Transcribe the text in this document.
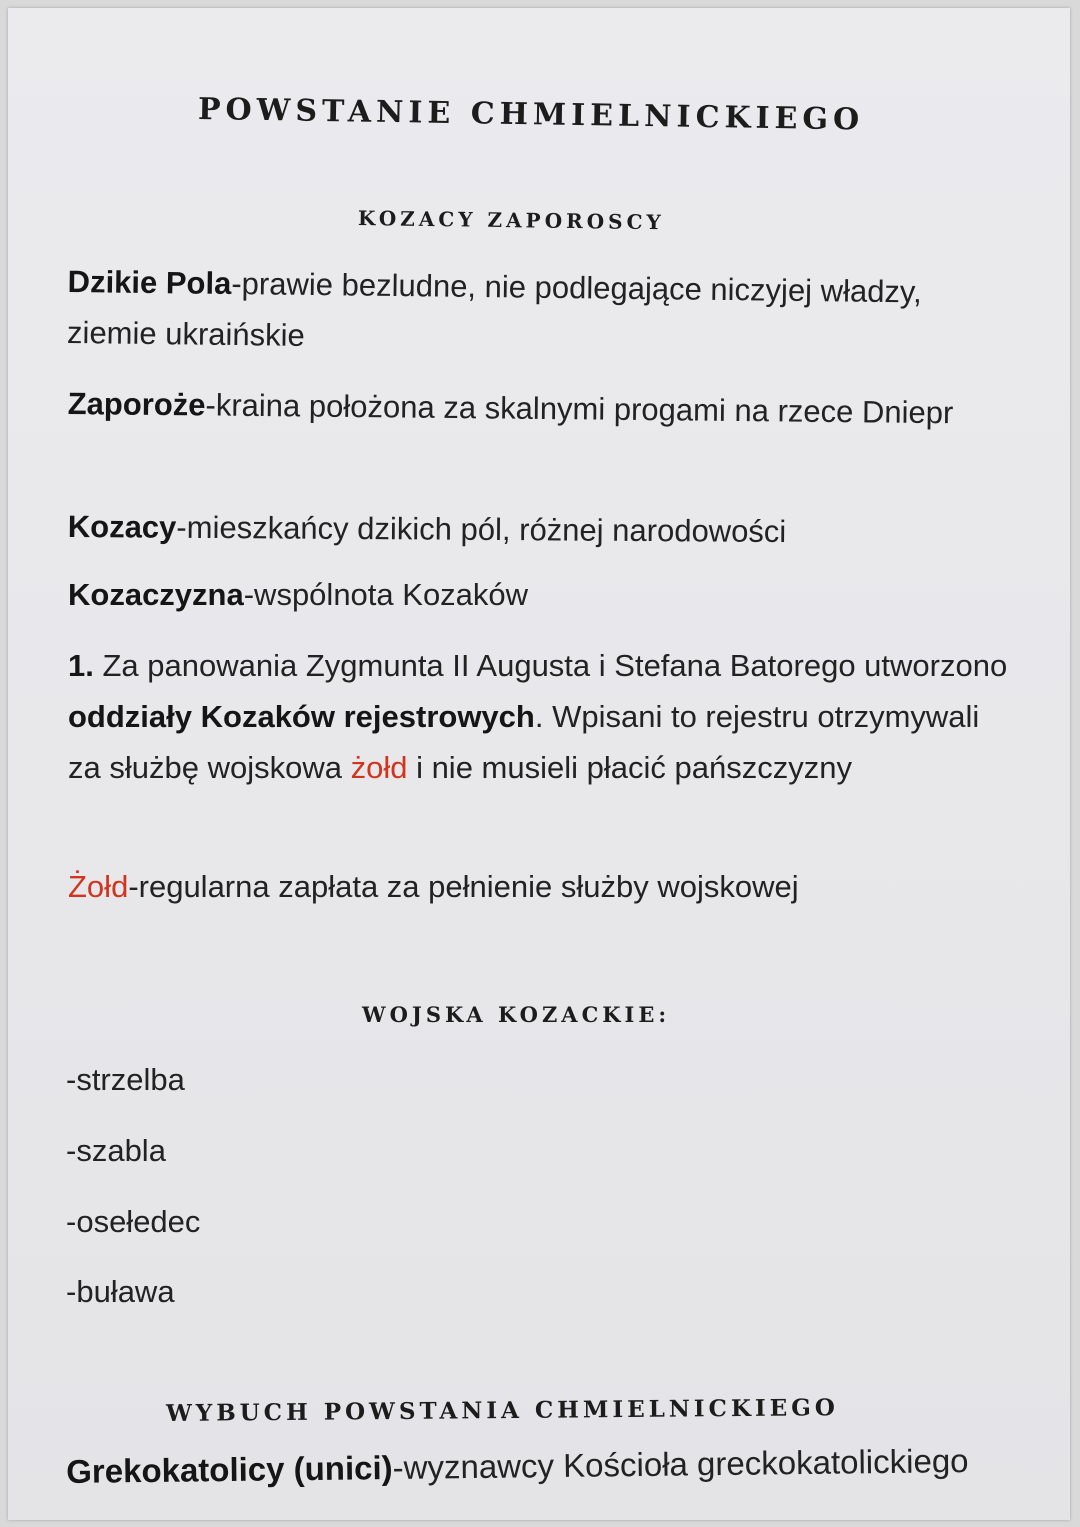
POWSTANIE CHMIELNICKIEGO
KOZACY ZAPOROSCY

Dzikie Pola-prawie bezludne, nie podlegające niczyjej władzy, ziemie ukraińskie

Zaporoże-kraina położona za skalnymi progami na rzece Dniepr

Kozacy-mieszkańcy dzikich pól, różnej narodowości

Kozaczyzna-wspólnota Kozaków

1. Za panowania Zygmunta II Augusta i Stefana Batorego utworzono oddziały Kozaków rejestrowych. Wpisani to rejestru otrzymywali za służbę wojskowa żołd i nie musieli płacić pańszczyzny

Żołd-regularna zapłata za pełnienie służby wojskowej

WOJSKA KOZACKIE:

-strzelba

-szabla

-osełedec

-buława

WYBUCH POWSTANIA CHMIELNICKIEGO

Grekokatolicy (unici)-wyznawcy Kościoła greckokatolickiego
